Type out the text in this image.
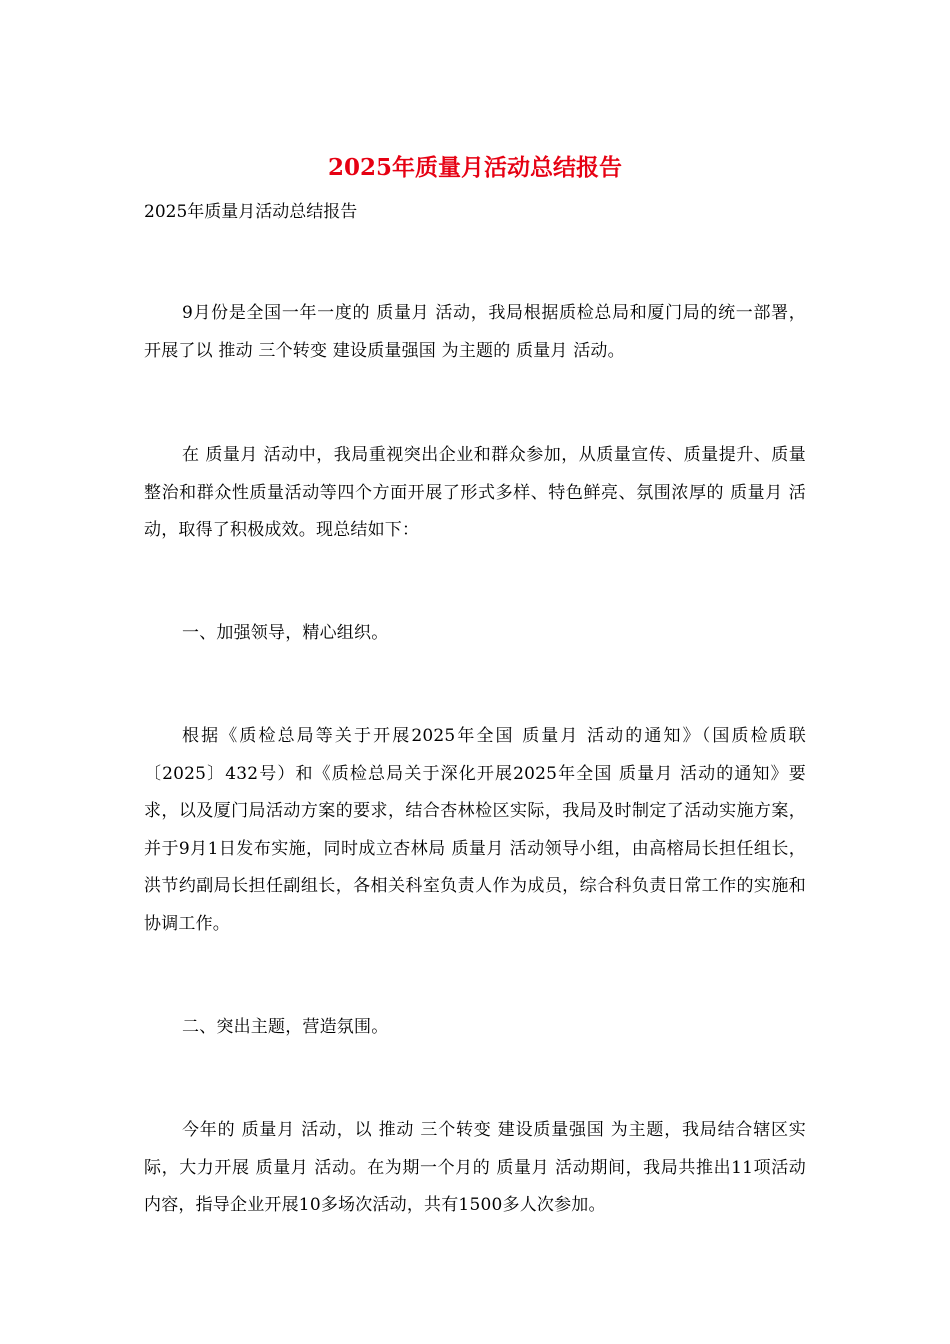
2025年质量月活动总结报告

2025年质量月活动总结报告

9月份是全国一年一度的 质量月 活动，我局根据质检总局和厦门局的统一部署，开展了以 推动 三个转变 建设质量强国 为主题的 质量月 活动。

在 质量月 活动中，我局重视突出企业和群众参加，从质量宣传、质量提升、质量整治和群众性质量活动等四个方面开展了形式多样、特色鲜亮、氛围浓厚的 质量月 活动，取得了积极成效。现总结如下：

一、加强领导，精心组织。

根据《质检总局等关于开展2025年全国 质量月 活动的通知》（国质检质联〔2025〕432号）和《质检总局关于深化开展2025年全国 质量月 活动的通知》要求，以及厦门局活动方案的要求，结合杏林检区实际，我局及时制定了活动实施方案，并于9月1日发布实施，同时成立杏林局 质量月 活动领导小组，由高榕局长担任组长，洪节约副局长担任副组长，各相关科室负责人作为成员，综合科负责日常工作的实施和协调工作。

二、突出主题，营造氛围。

今年的 质量月 活动，以 推动 三个转变 建设质量强国 为主题，我局结合辖区实际，大力开展 质量月 活动。在为期一个月的 质量月 活动期间，我局共推出11项活动内容，指导企业开展10多场次活动，共有1500多人次参加。
